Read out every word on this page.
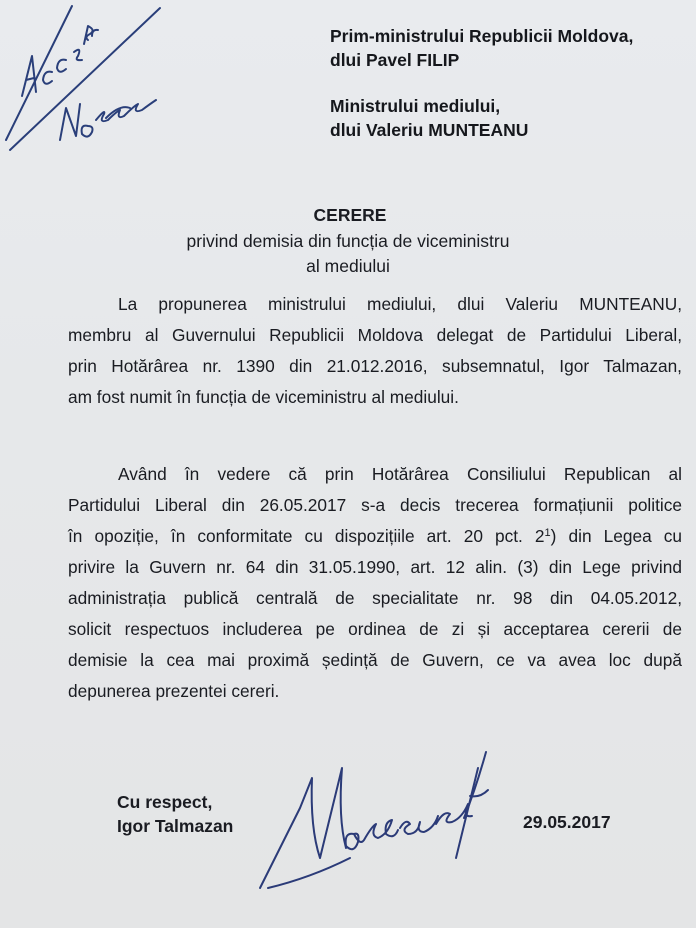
Prim-ministrului Republicii Moldova,
dlui Pavel FILIP
Ministrului mediului,
dlui Valeriu MUNTEANU
CERERE
privind demisia din funcția de viceministru
al mediului
La propunerea ministrului mediului, dlui Valeriu MUNTEANU,
membru al Guvernului Republicii Moldova delegat de Partidului Liberal,
prin Hotărârea nr. 1390 din 21.012.2016, subsemnatul, Igor Talmazan,
am fost numit în funcția de viceministru al mediului.
Având în vedere că prin Hotărârea Consiliului Republican al
Partidului Liberal din 26.05.2017 s-a decis trecerea formațiunii politice
în opoziție, în conformitate cu dispozițiile art. 20 pct. $2^1$) din Legea cu
privire la Guvern nr. 64 din 31.05.1990, art. 12 alin. (3) din Lege privind
administrația publică centrală de specialitate nr. 98 din 04.05.2012,
solicit respectuos includerea pe ordinea de zi și acceptarea cererii de
demisie la cea mai proximă ședință de Guvern, ce va avea loc după
depunerea prezentei cereri.
Cu respect,
Igor Talmazan	29.05.2017
